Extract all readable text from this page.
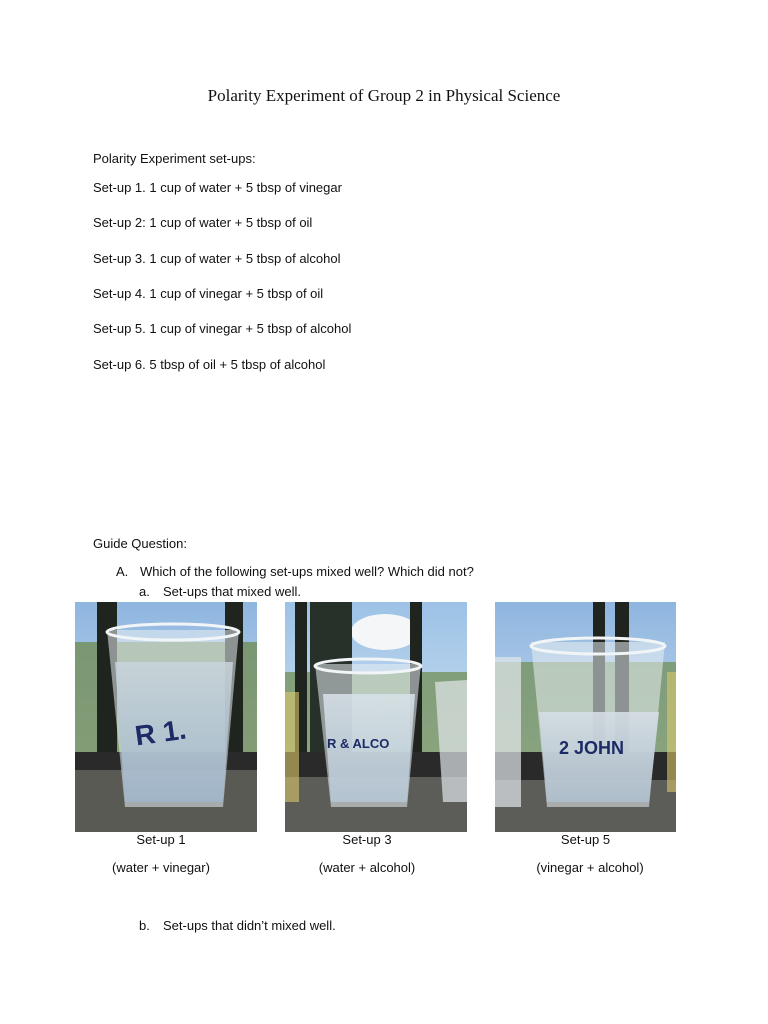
Polarity Experiment of Group 2 in Physical Science

Polarity Experiment set-ups:

Set-up 1. 1 cup of water + 5 tbsp of vinegar

Set-up 2: 1 cup of water + 5 tbsp of oil

Set-up 3. 1 cup of water + 5 tbsp of alcohol

Set-up 4. 1 cup of vinegar + 5 tbsp of oil

Set-up 5. 1 cup of vinegar + 5 tbsp of alcohol

Set-up 6. 5 tbsp of oil + 5 tbsp of alcohol

Guide Question:

A. Which of the following set-ups mixed well? Which did not?

a. Set-ups that mixed well.

R 1.	R & ALCO	2 JOHN

Set-up 1	Set-up 3	Set-up 5

(water + vinegar)	(water + alcohol)	(vinegar + alcohol)

b. Set-ups that didn’t mixed well.
